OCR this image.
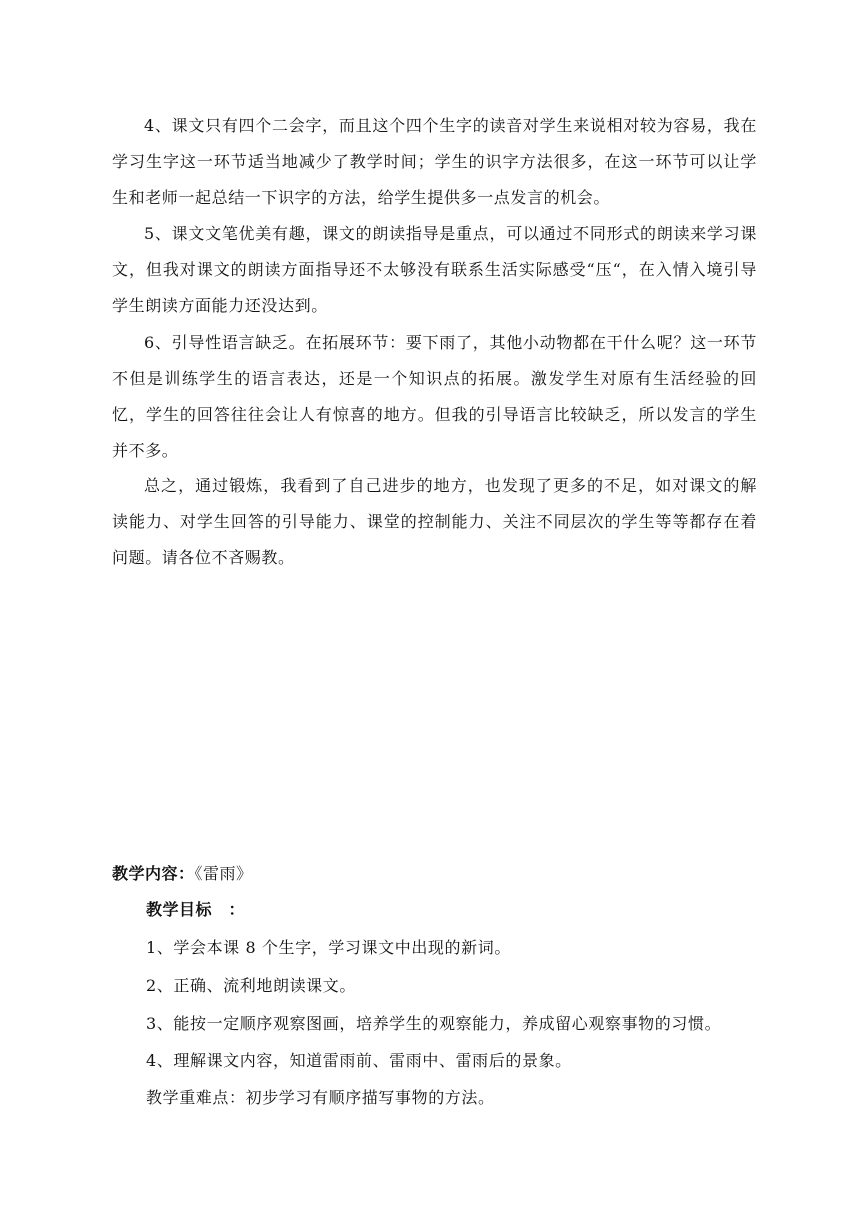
4、课文只有四个二会字，而且这个四个生字的读音对学生来说相对较为容易，我在学习生字这一环节适当地减少了教学时间；学生的识字方法很多，在这一环节可以让学生和老师一起总结一下识字的方法，给学生提供多一点发言的机会。

5、课文文笔优美有趣，课文的朗读指导是重点，可以通过不同形式的朗读来学习课文，但我对课文的朗读方面指导还不太够没有联系生活实际感受“压“，在入情入境引导学生朗读方面能力还没达到。

6、引导性语言缺乏。在拓展环节：要下雨了，其他小动物都在干什么呢？这一环节不但是训练学生的语言表达，还是一个知识点的拓展。激发学生对原有生活经验的回忆，学生的回答往往会让人有惊喜的地方。但我的引导语言比较缺乏，所以发言的学生并不多。

总之，通过锻炼，我看到了自己进步的地方，也发现了更多的不足，如对课文的解读能力、对学生回答的引导能力、课堂的控制能力、关注不同层次的学生等等都存在着问题。请各位不吝赐教。

教学内容：《雷雨》
教学目标　：
1、学会本课 8 个生字，学习课文中出现的新词。
2、正确、流利地朗读课文。
3、能按一定顺序观察图画，培养学生的观察能力，养成留心观察事物的习惯。
4、理解课文内容，知道雷雨前、雷雨中、雷雨后的景象。
教学重难点：初步学习有顺序描写事物的方法。
